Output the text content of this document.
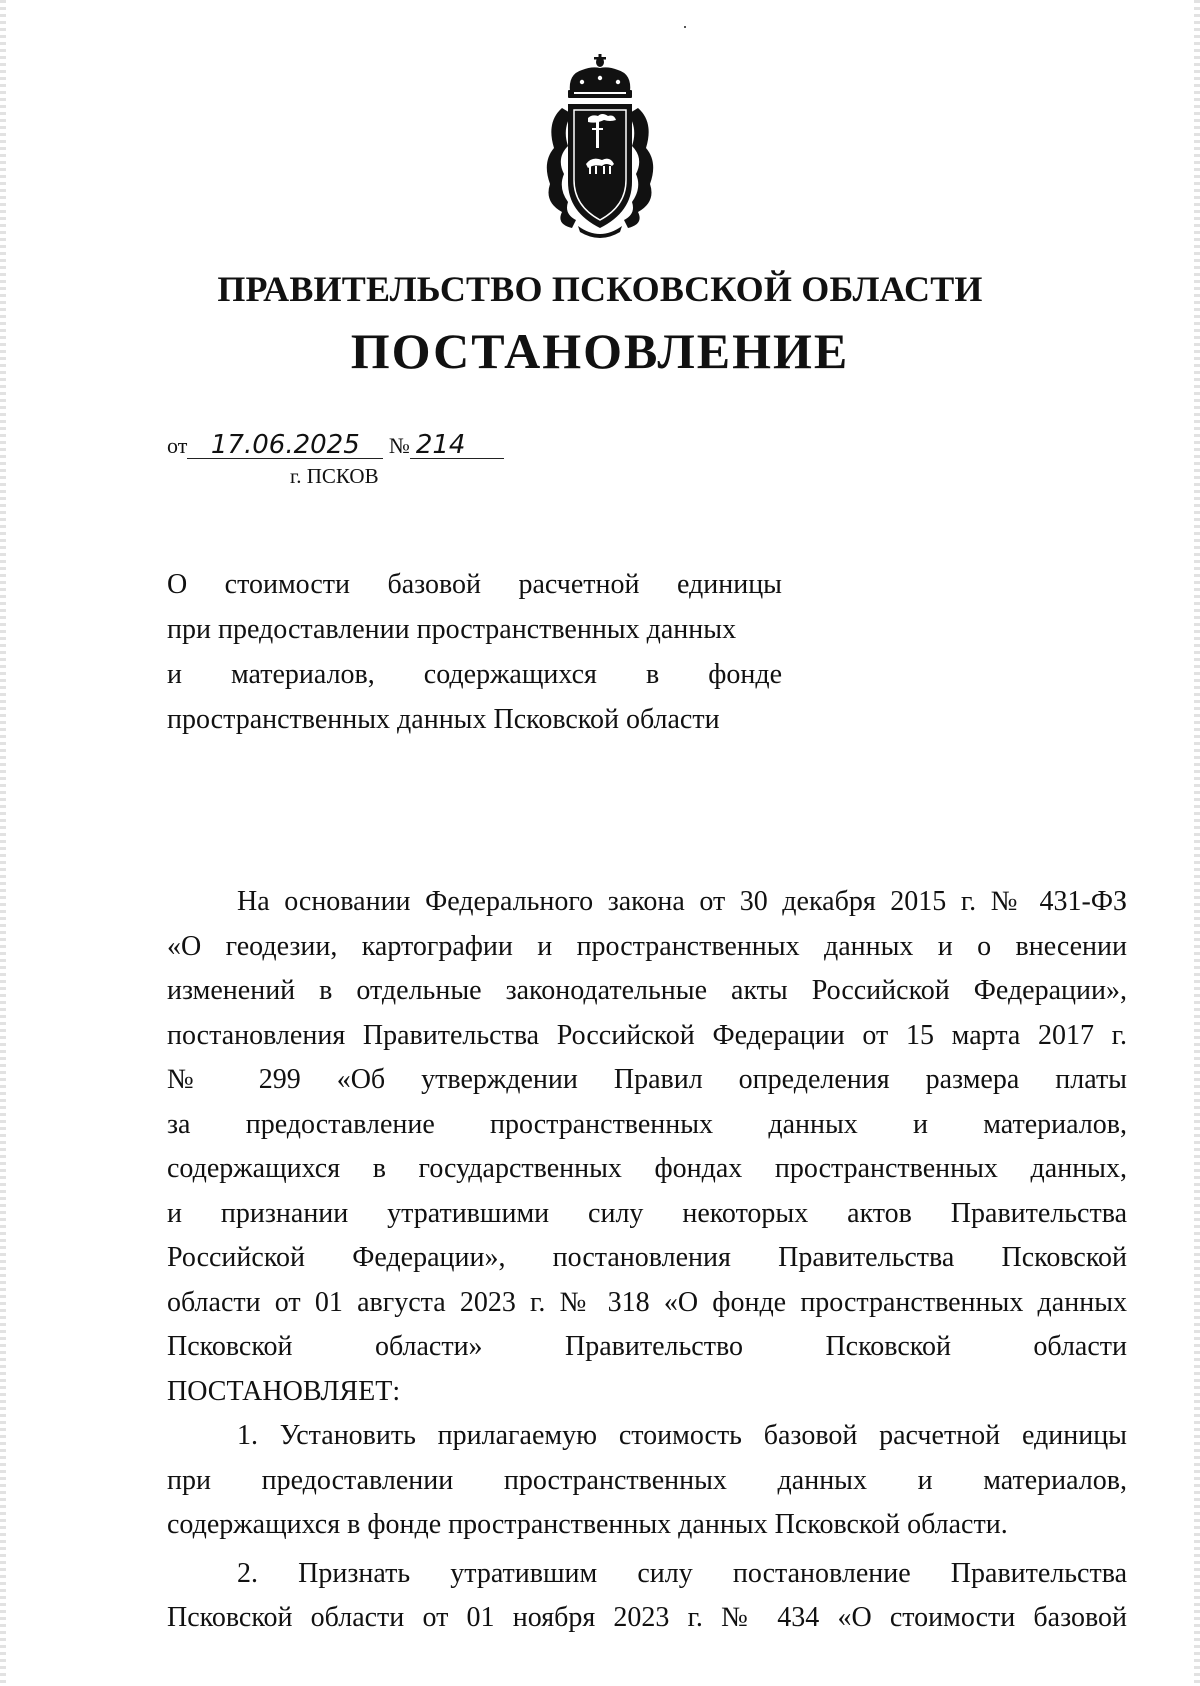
ПРАВИТЕЛЬСТВО ПСКОВСКОЙ ОБЛАСТИ
ПОСТАНОВЛЕНИЕ
от 17.06.2025 № 214
г. ПСКОВ
О стоимости базовой расчетной единицы
при предоставлении пространственных данных
и материалов, содержащихся в фонде
пространственных данных Псковской области
На основании Федерального закона от 30 декабря 2015 г. № 431-ФЗ
«О геодезии, картографии и пространственных данных и о внесении
изменений в отдельные законодательные акты Российской Федерации»,
постановления Правительства Российской Федерации от 15 марта 2017 г.
№ 299 «Об утверждении Правил определения размера платы
за предоставление пространственных данных и материалов,
содержащихся в государственных фондах пространственных данных,
и признании утратившими силу некоторых актов Правительства
Российской Федерации», постановления Правительства Псковской
области от 01 августа 2023 г. № 318 «О фонде пространственных данных
Псковской области» Правительство Псковской области
ПОСТАНОВЛЯЕТ:
1. Установить прилагаемую стоимость базовой расчетной единицы
при предоставлении пространственных данных и материалов,
содержащихся в фонде пространственных данных Псковской области.
2. Признать утратившим силу постановление Правительства
Псковской области от 01 ноября 2023 г. № 434 «О стоимости базовой
